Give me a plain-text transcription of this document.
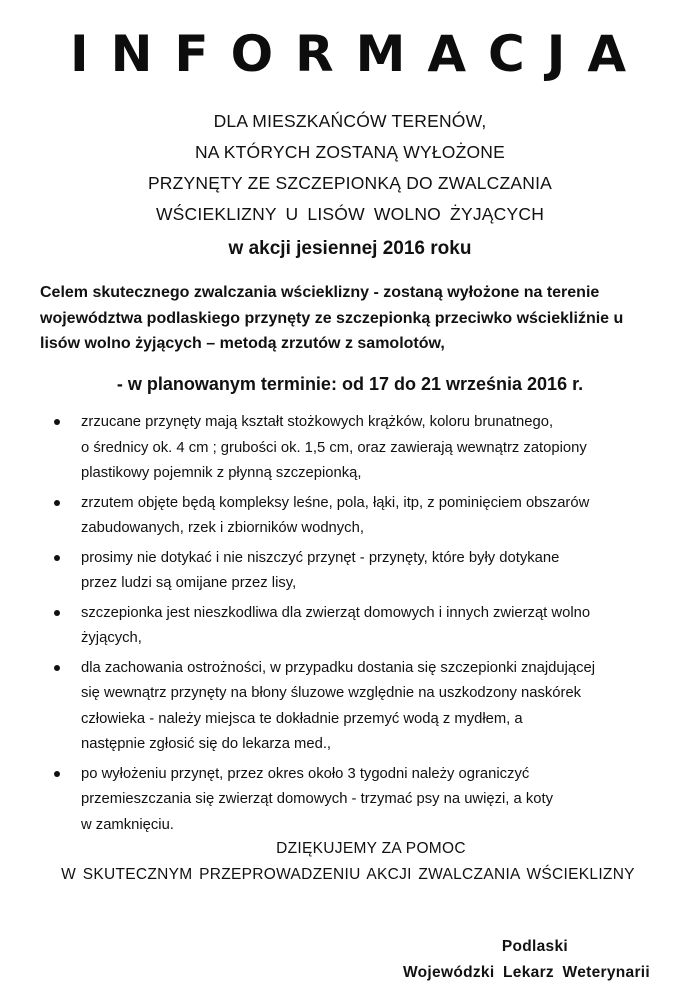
INFORMACJA
DLA MIESZKAŃCÓW TERENÓW,
NA KTÓRYCH ZOSTANĄ WYŁOŻONE
PRZYNĘTY ZE SZCZEPIONKĄ DO ZWALCZANIA
WŚCIEKLIZNY U LISÓW WOLNO ŻYJĄCYCH
w akcji jesiennej 2016 roku
Celem skutecznego zwalczania wścieklizny - zostaną wyłożone na terenie
województwa podlaskiego przynęty ze szczepionką przeciwko wściekliźnie u
lisów wolno żyjących – metodą zrzutów z samolotów,
- w planowanym terminie: od 17 do 21 września 2016 r.
zrzucane przynęty mają kształt stożkowych krążków, koloru brunatnego,
o średnicy ok. 4 cm ; grubości ok. 1,5 cm, oraz zawierają wewnątrz zatopiony
plastikowy pojemnik z płynną szczepionką,
zrzutem objęte będą kompleksy leśne, pola, łąki, itp, z pominięciem obszarów
zabudowanych, rzek i zbiorników wodnych,
prosimy nie dotykać i nie niszczyć przynęt - przynęty, które były dotykane
przez ludzi są omijane przez lisy,
szczepionka jest nieszkodliwa dla zwierząt domowych i innych zwierząt wolno
żyjących,
dla zachowania ostrożności, w przypadku dostania się szczepionki znajdującej
się wewnątrz przynęty na błony śluzowe względnie na uszkodzony naskórek
człowieka - należy miejsca te dokładnie przemyć wodą z mydłem, a
następnie zgłosić się do lekarza med.,
po wyłożeniu przynęt, przez okres około 3 tygodni należy ograniczyć
przemieszczania się zwierząt domowych - trzymać psy na uwięzi, a koty
w zamknięciu.
DZIĘKUJEMY ZA POMOC
W SKUTECZNYM PRZEPROWADZENIU AKCJI ZWALCZANIA WŚCIEKLIZNY
Podlaski
Wojewódzki Lekarz Weterynarii
